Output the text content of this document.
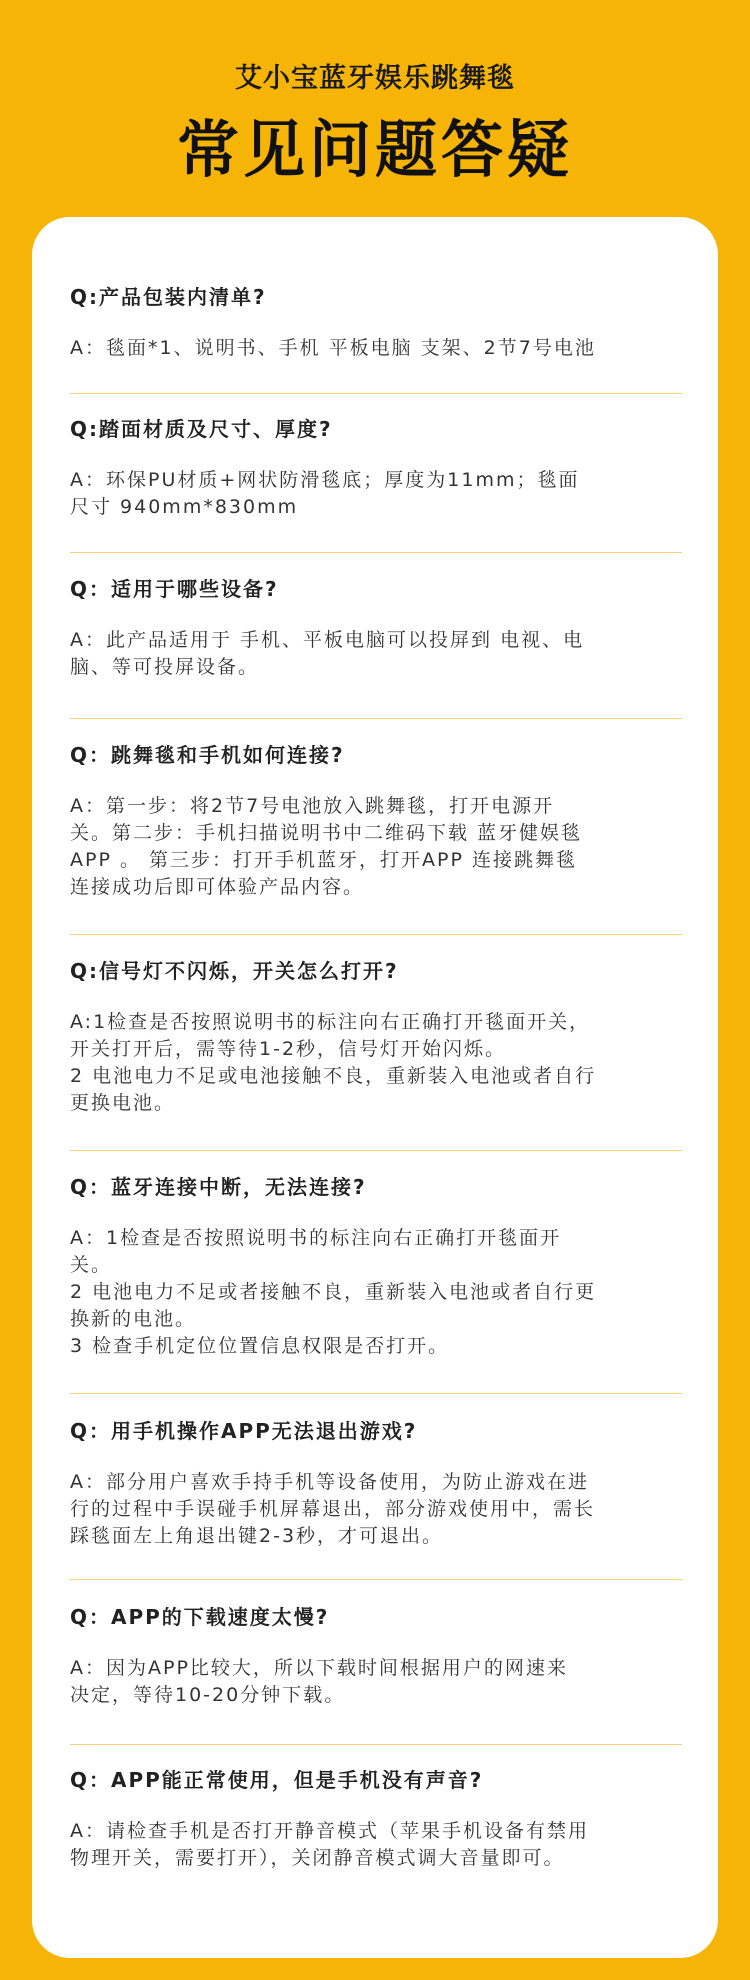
艾小宝蓝牙娱乐跳舞毯
常见问题答疑
Q:产品包装内清单?
A：毯面*1、说明书、手机 平板电脑 支架、2节7号电池
Q:踏面材质及尺寸、厚度?
A：环保PU材质+网状防滑毯底；厚度为11mm；毯面
尺寸 940mm*830mm
Q：适用于哪些设备?
A：此产品适用于 手机、平板电脑可以投屏到 电视、电
脑、等可投屏设备。
Q：跳舞毯和手机如何连接?
A：第一步：将2节7号电池放入跳舞毯，打开电源开
关。第二步：手机扫描说明书中二维码下载 蓝牙健娱毯
APP 。 第三步：打开手机蓝牙，打开APP 连接跳舞毯
连接成功后即可体验产品内容。
Q:信号灯不闪烁，开关怎么打开?
A:1检查是否按照说明书的标注向右正确打开毯面开关，
开关打开后，需等待1-2秒，信号灯开始闪烁。
2 电池电力不足或电池接触不良，重新装入电池或者自行
更换电池。
Q：蓝牙连接中断，无法连接?
A：1检查是否按照说明书的标注向右正确打开毯面开
关。
2 电池电力不足或者接触不良，重新装入电池或者自行更
换新的电池。
3 检查手机定位位置信息权限是否打开。
Q：用手机操作APP无法退出游戏?
A：部分用户喜欢手持手机等设备使用，为防止游戏在进
行的过程中手误碰手机屏幕退出，部分游戏使用中，需长
踩毯面左上角退出键2-3秒，才可退出。
Q：APP的下载速度太慢?
A：因为APP比较大，所以下载时间根据用户的网速来
决定，等待10-20分钟下载。
Q：APP能正常使用，但是手机没有声音?
A：请检查手机是否打开静音模式（苹果手机设备有禁用
物理开关，需要打开），关闭静音模式调大音量即可。
